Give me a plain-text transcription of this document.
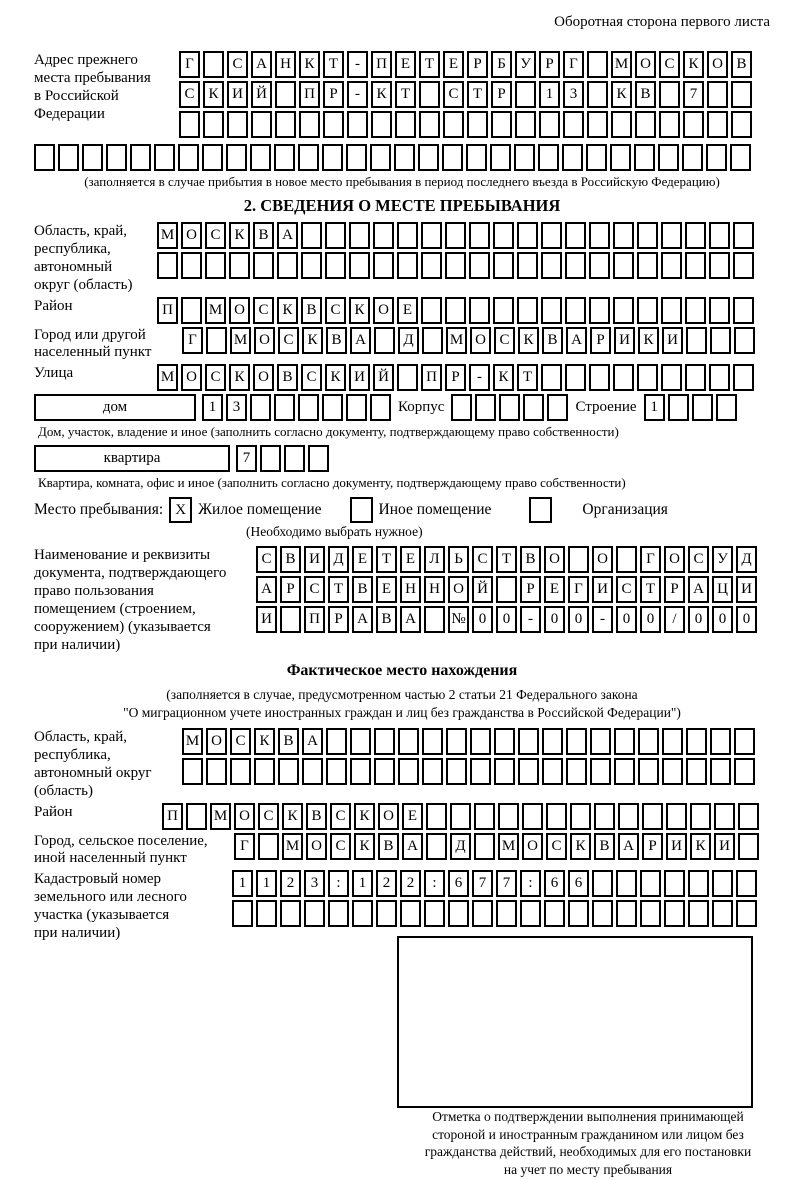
Оборотная сторона первого листа
Адрес прежнего
места пребывания
в Российской
Федерации
Г	С А Н К Т - П Е Т Е Р Б У Р Г М О С К О В
С К И Й П Р - К Т	С Т Р	1 3	К В	7
(заполняется в случае прибытия в новое место пребывания в период последнего въезда в Российскую Федерацию)
2. СВЕДЕНИЯ О МЕСТЕ ПРЕБЫВАНИЯ
Область, край,
республика,
автономный
округ (область)
М О С К В А
Район	П М О С К В С К О Е
Город или другой
населенный пункт
Г М О С К В А Д М О С К В А Р И К И
Улица	М О С К О В С К И Й П Р - К Т
дом	1 3	Корпус	Строение 1
Дом, участок, владение и иное (заполнить согласно документу, подтверждающему право собственности)
квартира	7
Квартира, комната, офис и иное (заполнить согласно документу, подтверждающему право собственности)
Место пребывания: X Жилое помещение	Иное помещение	Организация
(Необходимо выбрать нужное)
Наименование и реквизиты
документа, подтверждающего
право пользования
помещением (строением,
сооружением) (указывается
при наличии)
С В И Д Е Т Е Л Ь С Т В О О	Г О С У Д
А Р С Т В Е Н Н О Й	Р Е Г И С Т Р А Ц И
И П Р А В А № 0 0 - 0 0 - 0 0 / 0 0 0
Фактическое место нахождения
(заполняется в случае, предусмотренном частью 2 статьи 21 Федерального закона
"О миграционном учете иностранных граждан и лиц без гражданства в Российской Федерации")
Область, край,
республика,
автономный округ
(область)
М О С К В А
Район	П М О С К В С К О Е
Город, сельское поселение,
иной населенный пункт
Г М О С К В А Д М О С К В А Р И К И
Кадастровый номер
земельного или лесного
участка (указывается
при наличии)
1 1 2 3 : 1 2 2 : 6 7 7 : 6 6
Отметка о подтверждении выполнения принимающей
стороной и иностранным гражданином или лицом без
гражданства действий, необходимых для его постановки
на учет по месту пребывания
